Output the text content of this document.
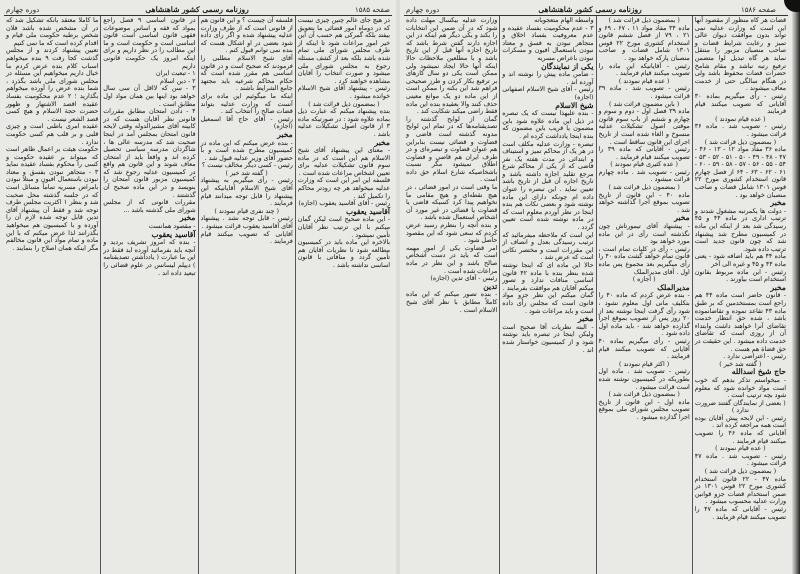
صفحه ۱۵۸۶
روزنامه رسمی کشور شاهنشاهی
دوره چهارم

قضات هر کاه منظور از مقصود آنها این است که وزارت عدلیه نمی تواند بدون موافقت دیوان عالی تمیز و رعایت شرایط قضات و صاحب منصبان مزبور را منتقل نماید هر گاه تبدیل لوا متضمن ترفیع رتبه نباشد و مقام شامخ حضرات قضات محفوظ باشد ولی در هنگام سالگی حتی از خدمت معاف میشوند .

رئیس - رأی میگیریم بماده ۳۰ آقایانی که تصویب میکنند قیام فرمایند

( عده قیام نمودند )

رئیس - تصویب شد . ماده ۳۶ قرائت میشود .

( بمضمون ذیل قرائت شد )

ماده ۳۶ مفاد مواد ۱۲ - ۱۳ - ۴۶ - ۴۷ - ۴۸ - ۴۹ - ۵۰ - ۵۱ - ۵۲ - ۵۳ - ۵۴ - ۵۵ - ۵۶ - ۵۷ - ۵۸ - ۵۹ - ۶۰ - ۶۱ - ۶۲ - ۶۳ - ۶۴ از فصل چهارم قانون استخدام کشوری مورخ ۲۲ قوس ۱۳۰۱ شامل قضات و صاحب منصبان خواهد بود .

مخبر

- دولت ها یکمرتبه مشغول شدند و ترتیب اداری در ماده ۴۴ و ۴۵ رسیدگی شد بعد از اینکه این ماده در کمیسیون مطرح شد پیشنهاد شد که چون قانون جدید است ترتیب داده شود.

ماده ۴۴ هم باید اضافه شود - یعنی ماده ۴۴ و ۴۵ و غیره الی آخر

رئیس - این ماده مربوط بقانون استخدام است بیاورند .

مخبر

- قانون حاضر است ماده ۴۴ هم راجع است بمستخدمین که بر طبق ماده ۴۳ تقاعد نموده و تقاضانموده باشد ، شده حق انتظار خدمت تقاضای آنرا خواهند داشت وابتداء آن از روزی است که تقاضای خدمت داده میشود . این حقیقت در حق قضاة هم هست .

رئیس - اعتراضی ندارد .

( گفته شد خیر )

حاج شیخ اسدالله

- میخواستم تذکر بدهم که خوب است مواد خوانده شود که معلوم شود بچه ترتیب است .

( بعضی از نمایندگان گفتند ضرورت ندارد )

رئیس - این لایحه پیش آقایان بوده است همه مراجعه کرده اند .

آقایانی که ماده ۴۶ را تصویب میکنند قیام فرمایند .

( عده قیام نمودند )

رئیس - تصویب شد . ماده ۴۷ قرائت میشود .

( بمضمون ذیل قرائت شد )

ماده ۴۷ - ۲۲ قانون استخدام کشوری مورخ ۲۲ قوس ۱۳۰۱ در ضمن استخدام قضات جزو قوانین وزارت عدلیه محسوب میشود .

رئیس - آقایانی که ماده ۴۷ را تصویب میکنند قیام فرمایند .

( بمضمون ذیل قرائت شد )

ماده ۳۴ مفاد مواد ۱۱ ، ۶۷ ، ۶۹ و ۲۱ ، ۷۹ از فصل ششم قانون استخدام کشوری مورخ ۲۲ قوس ۱۳۰۱ شامل قضات و صاحب منصبان پارکه خواهد بود .

رئیس - آقایانیکه این ماده را تصویب میکنند قیام فرمایند .

( عده قیام نمودند )

رئیس - تصویب شد . ماده ۳۹ قرائت میشود .

( باین مضمون قرائت شد )

ماده ۳۹ فصل اول - دوم و سوم و چهارم و ششم از باب سوم قانون موقتی اصول تشکیلات عدلیه منسوخ و الغاء شده است از تاریخ اجرای این قانون ساقط است .

رئیس - آقایانی که ماده ۳۹ را تصویب میکنند قیام فرمایند .

( عده کثیری قیام نمودند )

رئیس - تصویب شد . ماده چهارم قرائت میشود .

( بمضمون ذیل قرائت شد )

ماده ۴۰ - این قانون از تاریخ تصویب بموقع اجرا گذاشته خواهد شد .

مخبر

- پیشنهاد آقای تیمورتاش چون نگذشته است رأی در این ماده مورد خواهد بود

رئیس - رأی در کلیات تمام است ، قانون تمام خواهد گشت ماده ۴۰ را رأی میگیریم بعد مجموع پس ماده اول . آقای مدیرالملک

( اجازه )

مدیرالملک

- بنده عرض کردم که ماده ۴۰ را بتکلیف مانی اول معلوم نشود ، شود رأی گرفت اینجا نوشته بعد از ۲۰ روز پس از تصویب بموقع اجرا گذارده خواهد شد - باید ماده اول داده شود .

رئیس - رأی میگیریم بماده ۴۰ آقایانی که تصویب میکنند قیام فرمایند .

( اکثر قیام نمودند )

رئیس - تصویب شد . ماده اول بطوریکه در کمیسیون نوشته شده است قرائت میشود .

( بمضمون ذیل قرائت شد )

ماده اول - این قانون از تاریخ تصویب مجلس شورای ملی بموقع اجرا گذارده میشود .

واسطه الهام متعجوبانه

۳ - عدم محکومیت بفساد عقیده و عدم معروفیت بفساد اخلاق و متجاهر نبودن به فسق و معتاد نبودن باستعمال افیون و مسکرات نبودن باعراض مسریه

یکی از نمایندگان

- ضامن ماده پیش را نوشته اند و آورده اند .

رئیس - آقای شیخ الاسلام اصفهانی (اجازه)

شیخ الاسلام

- بنده علیهذا نیست که یک تبصره در ذیل این ماده علاوه شود باین مضمون یا قریب باین مضمون که بنده اینجا یادداشت کرده ام .

تبصره - وزارت عدلیه مکلف است در هر یک از محاکم تمیز و استیناف و ابتدائی در مدت هفته یک نفر قاضی که از یکی از محاکم شرع مرجع تقلید اجازه داشته باشد و تاریخ اجازه آن قبل از تاریخ باشد تعیین نماید . این تبصره را عنوان داده ام چونکه دارای این ماده نوشته شود و بعضی نکات هم بنده اینجا در نظر آوردم معلوم است که در ماده نوشته شده است تعیین گردد .

این است که ملاحظه میفرمائید که ترتیب رسیدگی بعدل و انصاف از این مقررات است و مختصر نکاتی است که عرض شد .

حالا این ماده ای که اینجا نوشته شده بنظر بنده با ماده ۴۲ قانون اساسی منافات ندارد و تصور میکنم آقایان هم موافقت بفرمایند .

گمان میکنم این نظر جزو مواد قانون است که مجلس رأی داده است و باید مراعات شود .

مخبر

- البته نظریات آقا صحیح است ولیکن اینجا در تبصره باید نوشته شود و از کمیسیون خواستار شده اند .

وزارت عدلیه بیکسال مهلت داده شود که در آن ضمن این انتخابات را بکند و یکی دیگر هم اینکه در این اجازه دارند گفتن شرط باشد که تاریخ اجازه آنها قبل از این تاریخ باشد و با مطلعین ملاحظات حالا اینکه آنها حالا ایجاد نمیشود ولی ممکن است یکی دو سال کارهای بر ترفیع بکار کردن و طرز صحیحی فراهم شد این بکنه را ممکن است از این ماده دو یک موانع معینی حذف کنند والا بعقیده بنده این ماده فقط راضی میکند شکایت کند .

گمان از لوایح گذشته را تصدیقنامه‌ها که در تمام این لوایح مدونه گذشته است قاضی و قضاوت و قضائی نیست بنابراین هم عنوان قضاوت و تبصره‌ای و در طرف ایران هم قاضی و قضاوت اطلاق نمیشود مگر نسبت باشخاصیکه شارع اسلام حق داده است .

ما وقتی است در امور قضائی ، در هیچ نقطه‌ای و هیچ مقامی ما نخواهیم پیدا کرد کسیکه قاضی یا قضاوت یا قضائی در غیر مورد آن اشخاص استعمال شده باشد .

و بنده آنچه را بنظرم رسید عرض کردم که سعی شود که این مقصود حاصل شود .

امر قضاوت یکی از امور مهمه است که باید در دست اشخاص صالح باشد و این نظر در ماده مراعات شده است .

رئیس - آقای تدین (اجازه)

تدین

- بنده تصور میکنم که این ماده کاملاً مطابق با نظر آقای شیخ الاسلام است .

صفحه ۱۵۸۵
روزنامه رسمی کشور شاهنشاهی
دوره چهارم

در هیچ جای عالم چنین چیزی نیست که در دوماه امور قضائی ما بتعویق بیفتد بلکه گمرکی هم حسب آن این خیر امور مراعات شود تا اینکه از طرف مجلس شورای ملی تمام شده باشد بلکه بعد از کشف مسئله رجوع به مجلس شورای ملی میشود و صورت انتخاب را آقایان مشاهده خواهند کرد .

رئیس - پیشنهاد آقای شیخ الاسلام خوانده میشود .

( بمضمون ذیل قرائت شد )

بنده پیشنهاد میکنم که عبارت ذیل بماده علاوه شود : در صورتیکه ماده ۳ از قانون اصول تشکیلات عدلیه باشد .

مخبر

- معنای این پیشنهاد آقای شیخ الاسلام هم این است که در ماده سوم قانون تشکیلات عدلیه برای تعیین اشخاص مراعات شده است .

فلسفه این امر این است که وزارت عدلیه میخواهد هر چه زودتر محاکم را تکمیل کند .

رئیس - آقای آقاسید یعقوب (اجازه)

آقاسید یعقوب

- این ماده صحیح است لیکن گمان میکنم با این ترتیب نظر آقایان تأمین نمیشود .

بالاخره این ماده باید در کمیسیون مطالعه شود تا نظریات آقایان هم تأمین گردد و منافاتی با قانون اساسی نداشته باشد .

فلسفه آن چیست ؟ و این قانون هم از قانونی است که از طرف وزارت عدلیه پیشنهاد شده و اگر رأی داده شود بعضی در او اشکال هست که بنده نمی توانم قبول کنم .

آقای شیخ الاسلام مطلبی را فرمودند که صحیح است و در قانون اساسی هم مقرر شده است که حکام محاکم شرعیه باید مجتهد جامع الشرایط باشند .

اینکه ما میگوئیم این ماده برای آنست که وزارت عدلیه بتواند قضات صالح را انتخاب کند .

رئیس - آقای حاج آقا اسمعیل (اجازه)

مخبر

- بنده عرض میکنم که این ماده در کمیسیون مطرح شده است و با حضور آقای وزیر عدلیه قبول شد .

رئیس - کسی دیگر مخالف نیست ؟

( گفته شد خیر )

رئیس - رأی میگیریم به پیشنهاد آقای شیخ الاسلام آقایانیکه این پیشنهاد را قابل توجه میدانند قیام فرمایند .

( چند نفری قیام نمودند )

رئیس - قابل توجه نشد . پیشنهاد آقای آقاسید یعقوب قرائت میشود .

آقایانی که تصویب میکنند قیام فرمایند .

در قانون اساسی ۹ فصل راجع بمواد که فقه و اساس موضوعات فقهی قانون اساسی است قانون اساسی است و حکومت است و ما این مطالب را در نظر داریم و برای اینکه امروز یک حکومت قانونی داریم

۱ - تبعیت ایران

۲ - دین اسلام

۳ - سن که لااقل آن سی سال خواهد بود اینها بین همان مواد اول مطابق است .

۴ - دادن امتحان مطابق مقررات قانونی نظر آقایان هست که در کابینه آقای مشیرالدوله وقتی لایحه قانون امتحان بمجلس آمد در اینجا صحبت شد که مدرسه عالی ها ، شاگردان مدرسه سیاسی تحصیل کرده اند و واقعاً باید از امتحان معاف شوند و این قانون هم واقع در کمیسیون عدلیه رجوع شد که کمیسیون مزبور قانون امتحان را بنویسد و در این ماده صحیح آن گذشتند .

مقررات قانونی که از مجلس شورای ملی گذشته باشد ...

مخبر

- مقصود همانست

آقاسید یعقوب

- بنده که امروز تشریف بردید و آنچه باید بفرمائید آورده اید فقط در این ما عبارت ( یادداشتن تصدیقنامه ) دیپلم لیسانس در علوم قضائی را تبعید داده اند .

ما کاملا معتقد بانکه تشکیل شد که در آن مشخص شده باشد فلان شخص برطبه حکومت ملی قیام و اقدام کرده است که ما نمی کنیم

تعیین پیشنهاد کردند و از مجلس گذشت کجا رفت ۹ بنده میخواهم اسباب کلام بنده عرض کردم ما خیال داریم میخواهیم این مسئله در مجلس شورای ملی باشد بگذرد ، شما بنده عرض را آورده میخواهم بگذارید ؛ ۲ عدم محکومیت بفساد عقیده اقصد الاشتهار و ظهور حضرت حجة الاسلام و هیچ کسی قصد الشعر نیست .

عقیده امری باطنی است و چیزی قلبی و بر قلب هم کسی حکومت ندارد .

حکومت هیئت بر اعمال ظاهر است که میتواند بر عقیده حکومت و کسی را محکوم بفساد عقیده نماید ۳ - متجاهر نبودن بفسق و معتاد نبودن باستعمال افیون و مبتلا نبودن بامراض مسریه تماماً مسائل است که در جلسه گذشته محل صحبت شد و بنظر ۱ اکثریت مجلس طرف توجه شد و فقط آن پیشنهاد آقای تدین قابل توجه شده لازم آن را آورده و با کمیسیون هم میخواهید بگذرانند لذا عرض میکنم که با این ماده و تمام مواد این قانون مخالفم مگر اینکه همان اصلاح را بنمایند .
